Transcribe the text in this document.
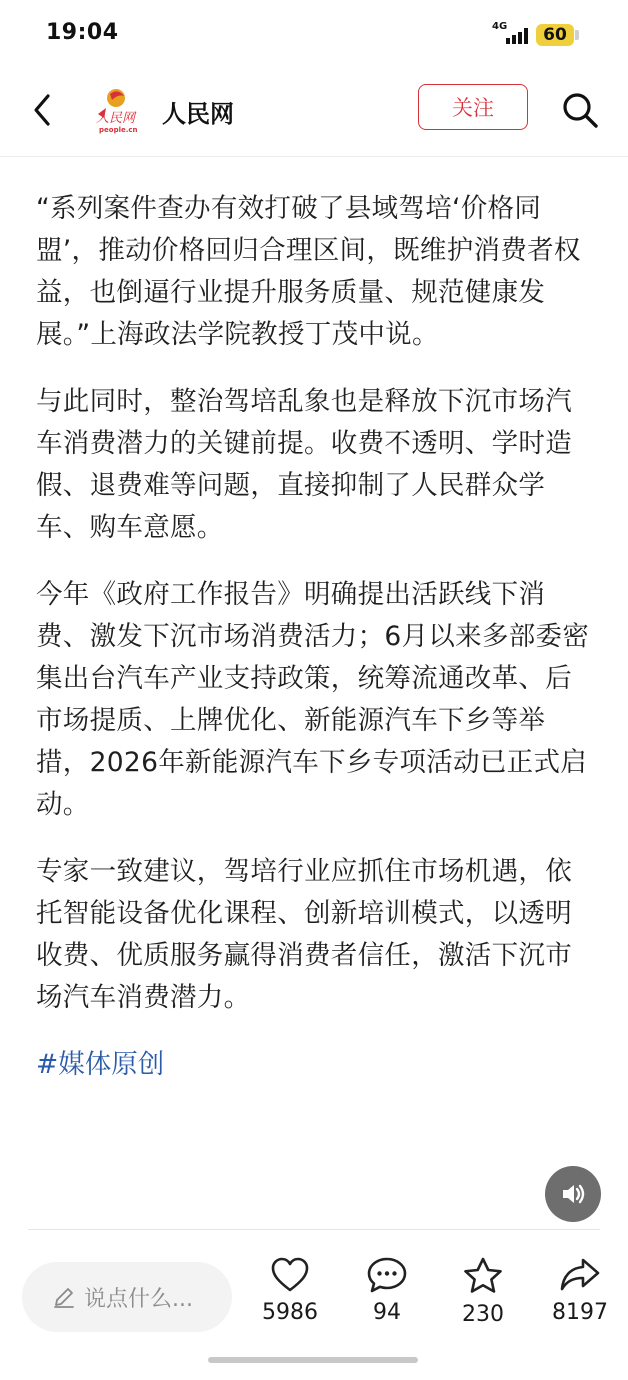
19:04	4G 60
人民网
people.cn
人民网	关注

“系列案件查办有效打破了县域驾培‘价格同盟’，推动价格回归合理区间，既维护消费者权益，也倒逼行业提升服务质量、规范健康发展。”上海政法学院教授丁茂中说。

与此同时，整治驾培乱象也是释放下沉市场汽车消费潜力的关键前提。收费不透明、学时造假、退费难等问题，直接抑制了人民群众学车、购车意愿。

今年《政府工作报告》明确提出活跃线下消费、激发下沉市场消费活力；6月以来多部委密集出台汽车产业支持政策，统筹流通改革、后市场提质、上牌优化、新能源汽车下乡等举措，2026年新能源汽车下乡专项活动已正式启动。

专家一致建议，驾培行业应抓住市场机遇，依托智能设备优化课程、创新培训模式，以透明收费、优质服务赢得消费者信任，激活下沉市场汽车消费潜力。

#媒体原创
说点什么...
5986	94	230	8197
